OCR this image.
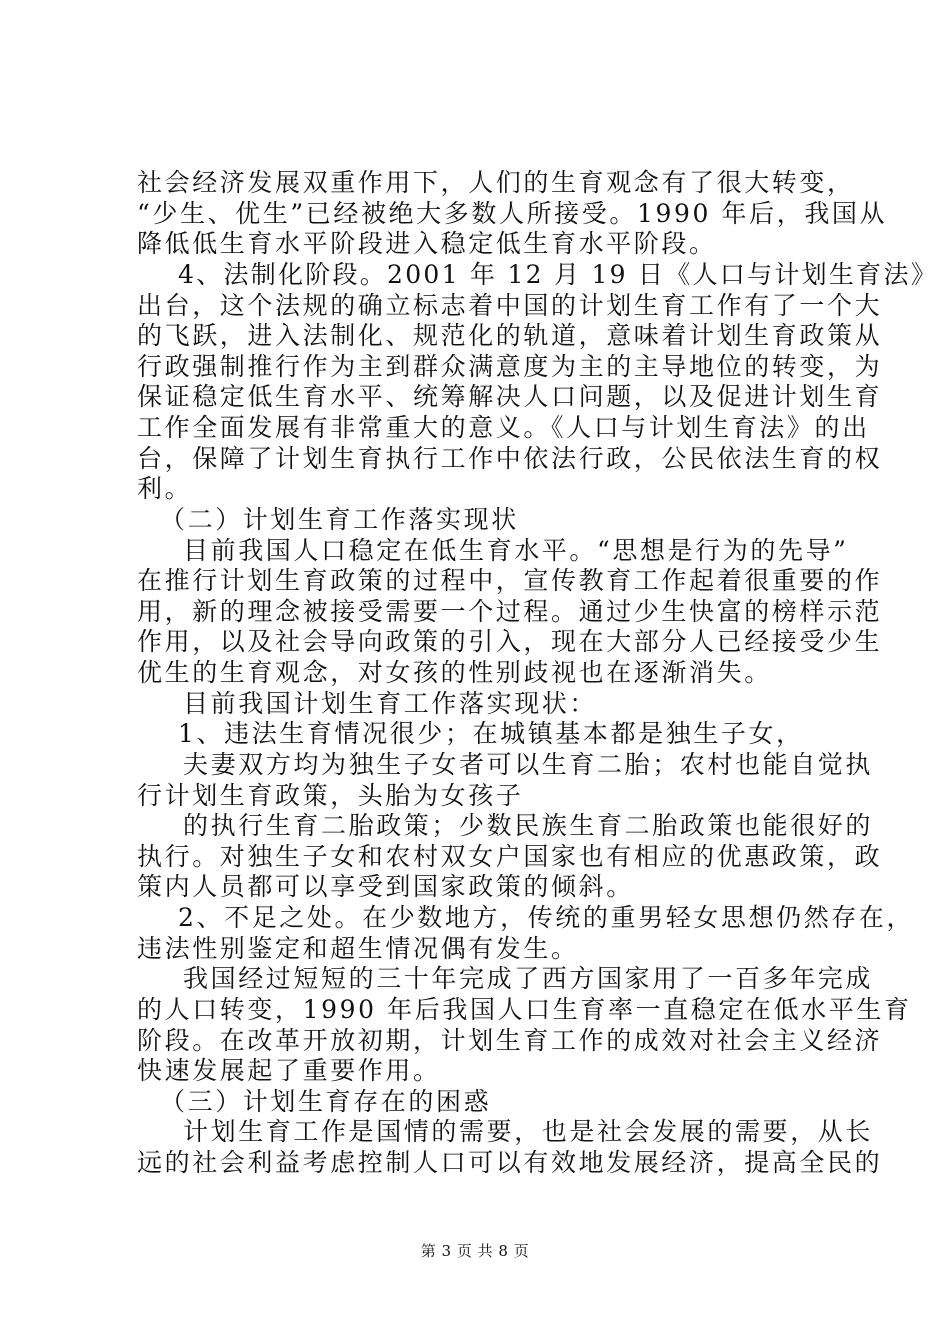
社会经济发展双重作用下，人们的生育观念有了很大转变，
“少生、优生”已经被绝大多数人所接受。1990 年后，我国从
降低低生育水平阶段进入稳定低生育水平阶段。
4、法制化阶段。2001 年 12 月 19 日《人口与计划生育法》
出台，这个法规的确立标志着中国的计划生育工作有了一个大
的飞跃，进入法制化、规范化的轨道，意味着计划生育政策从
行政强制推行作为主到群众满意度为主的主导地位的转变，为
保证稳定低生育水平、统筹解决人口问题，以及促进计划生育
工作全面发展有非常重大的意义。《人口与计划生育法》的出
台，保障了计划生育执行工作中依法行政，公民依法生育的权
利。
（二）计划生育工作落实现状
目前我国人口稳定在低生育水平。“思想是行为的先导”
在推行计划生育政策的过程中，宣传教育工作起着很重要的作
用，新的理念被接受需要一个过程。通过少生快富的榜样示范
作用，以及社会导向政策的引入，现在大部分人已经接受少生
优生的生育观念，对女孩的性别歧视也在逐渐消失。
目前我国计划生育工作落实现状：
1、违法生育情况很少；在城镇基本都是独生子女，
夫妻双方均为独生子女者可以生育二胎；农村也能自觉执
行计划生育政策，头胎为女孩子
的执行生育二胎政策；少数民族生育二胎政策也能很好的
执行。对独生子女和农村双女户国家也有相应的优惠政策，政
策内人员都可以享受到国家政策的倾斜。
2、不足之处。在少数地方，传统的重男轻女思想仍然存在，
违法性别鉴定和超生情况偶有发生。
我国经过短短的三十年完成了西方国家用了一百多年完成
的人口转变，1990 年后我国人口生育率一直稳定在低水平生育
阶段。在改革开放初期，计划生育工作的成效对社会主义经济
快速发展起了重要作用。
（三）计划生育存在的困惑
计划生育工作是国情的需要，也是社会发展的需要，从长
远的社会利益考虑控制人口可以有效地发展经济，提高全民的
第 3 页 共 8 页
